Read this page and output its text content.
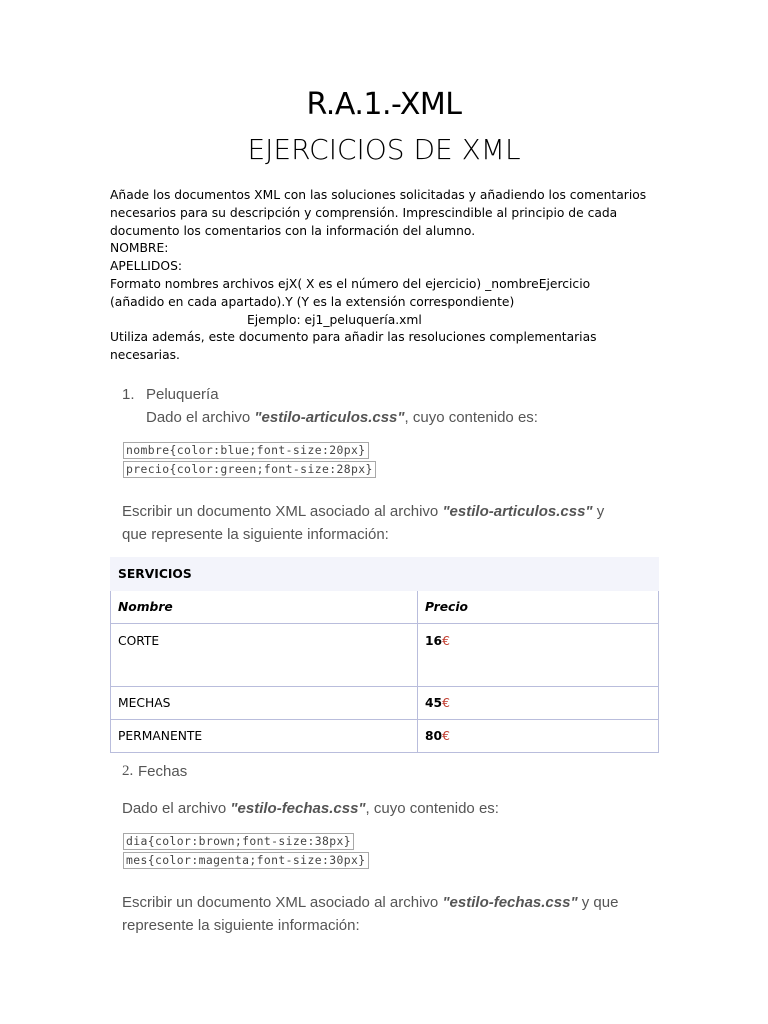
R.A.1.-XML
EJERCICIOS DE XML
Añade los documentos XML con las soluciones solicitadas y añadiendo los comentarios
necesarios para su descripción y comprensión. Imprescindible al principio de cada
documento los comentarios con la información del alumno.
NOMBRE:
APELLIDOS:
Formato nombres archivos ejX( X es el número del ejercicio) _nombreEjercicio
(añadido en cada apartado).Y (Y es la extensión correspondiente)
Ejemplo: ej1_peluquería.xml
Utiliza además, este documento para añadir las resoluciones complementarias
necesarias.
1. Peluquería
Dado el archivo "estilo-articulos.css", cuyo contenido es:
nombre{color:blue;font-size:20px}
precio{color:green;font-size:28px}
Escribir un documento XML asociado al archivo "estilo-articulos.css" y
que represente la siguiente información:
SERVICIOS	
Nombre	Precio
CORTE	16€
MECHAS	45€
PERMANENTE	80€
2. Fechas
Dado el archivo "estilo-fechas.css", cuyo contenido es:
dia{color:brown;font-size:38px}
mes{color:magenta;font-size:30px}
Escribir un documento XML asociado al archivo "estilo-fechas.css" y que
represente la siguiente información:
